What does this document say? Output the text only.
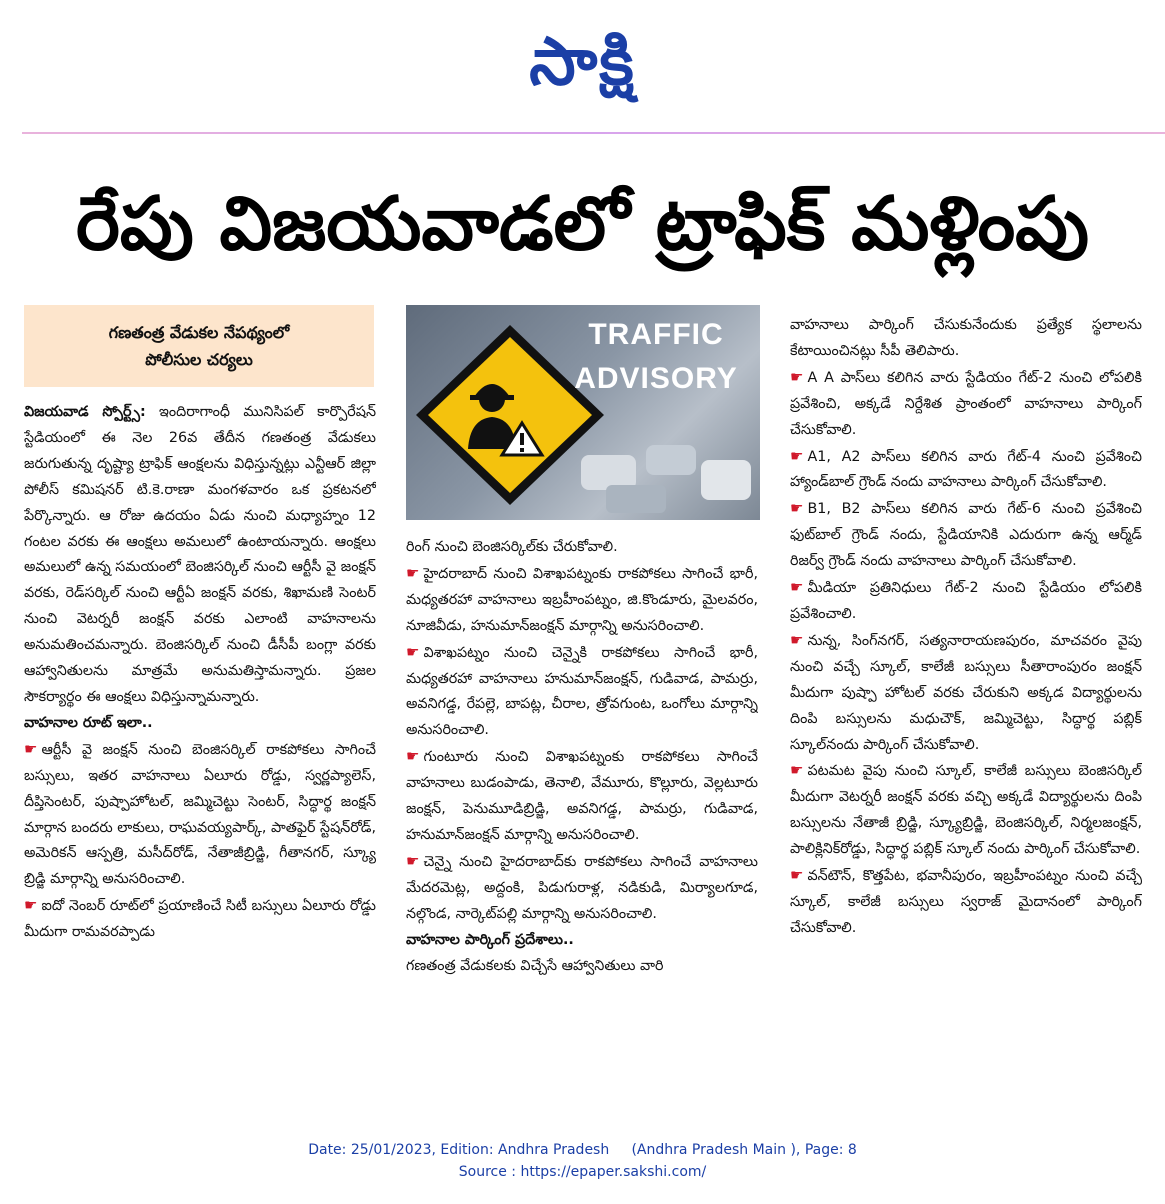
సాక్షి
రేపు విజయవాడలో ట్రాఫిక్‌ మళ్లింపు
గణతంత్ర వేడుకల నేపథ్యంలో
పోలీసుల చర్యలు
TRAFFIC
ADVISORY

విజయవాడ స్పోర్ట్స్‌: ఇందిరాగాంధీ మునిసిపల్‌ కార్పొరేషన్‌ స్టేడియంలో ఈ నెల 26వ తేదీన గణతంత్ర వేడుకలు జరుగుతున్న దృష్ట్యా ట్రాఫిక్‌ ఆంక్షలను విధిస్తున్నట్లు ఎన్టీఆర్‌ జిల్లా పోలీస్‌ కమిషనర్‌ టి.కె.రాణా మంగళవారం ఒక ప్రకటనలో పేర్కొన్నారు. ఆ రోజు ఉదయం ఏడు నుంచి మధ్యాహ్నం 12 గంటల వరకు ఈ ఆంక్షలు అమలులో ఉంటాయన్నారు. ఆంక్షలు అమలులో ఉన్న సమయంలో బెంజిసర్కిల్‌ నుంచి ఆర్టీసీ వై జంక్షన్‌ వరకు, రెడ్‌సర్కిల్‌ నుంచి ఆర్టీఏ జంక్షన్‌ వరకు, శిఖామణి సెంటర్‌ నుంచి వెటర్నరీ జంక్షన్‌ వరకు ఎలాంటి వాహనాలను అనుమతించమన్నారు. బెంజిసర్కిల్‌ నుంచి డీసీపీ బంగ్లా వరకు ఆహ్వానితులను మాత్రమే అనుమతిస్తామన్నారు. ప్రజల సౌకర్యార్థం ఈ ఆంక్షలు విధిస్తున్నామన్నారు.

వాహనాల రూట్‌ ఇలా..

☛ ఆర్టీసీ వై జంక్షన్‌ నుంచి బెంజిసర్కిల్‌ రాకపోకలు సాగించే బస్సులు, ఇతర వాహనాలు ఏలూరు రోడ్డు, స్వర్ణప్యాలెస్‌, దీప్తిసెంటర్‌, పుష్పాహోటల్‌, జమ్మిచెట్టు సెంటర్‌, సిద్ధార్థ జంక్షన్‌ మార్గాన బందరు లాకులు, రాఘవయ్యపార్క్‌, పాతఫైర్‌ స్టేషన్‌రోడ్‌, అమెరికన్‌ ఆస్పత్రి, మసీద్‌రోడ్‌, నేతాజీబ్రిడ్జి, గీతానగర్‌, స్క్యూ బ్రిడ్జి మార్గాన్ని అనుసరించాలి.

☛ ఐదో నెంబర్‌ రూట్‌లో ప్రయాణించే సిటీ బస్సులు ఏలూరు రోడ్డు మీదుగా రామవరప్పాడు

రింగ్‌ నుంచి బెంజిసర్కిల్‌కు చేరుకోవాలి.

☛ హైదరాబాద్‌ నుంచి విశాఖపట్నంకు రాకపోకలు సాగించే భారీ, మధ్యతరహా వాహనాలు ఇబ్రహీంపట్నం, జి.కొండూరు, మైలవరం, నూజివీడు, హనుమాన్‌జంక్షన్‌ మార్గాన్ని అనుసరించాలి.

☛ విశాఖపట్నం నుంచి చెన్నైకి రాకపోకలు సాగించే భారీ, మధ్యతరహా వాహనాలు హనుమాన్‌జంక్షన్‌, గుడివాడ, పామర్రు, అవనిగడ్డ, రేపల్లె, బాపట్ల, చీరాల, త్రోవగుంట, ఒంగోలు మార్గాన్ని అనుసరించాలి.

☛ గుంటూరు నుంచి విశాఖపట్నంకు రాకపోకలు సాగించే వాహనాలు బుడంపాడు, తెనాలి, వేమూరు, కొల్లూరు, వెల్లటూరు జంక్షన్‌, పెనుమూడిబ్రిడ్జి, అవనిగడ్డ, పామర్రు, గుడివాడ, హనుమాన్‌జంక్షన్‌ మార్గాన్ని అనుసరించాలి.

☛ చెన్నై నుంచి హైదరాబాద్‌కు రాకపోకలు సాగించే వాహనాలు మేదరమెట్ల, అద్దంకి, పిడుగురాళ్ల, నడికుడి, మిర్యాలగూడ, నల్గొండ, నార్కెట్‌పల్లి మార్గాన్ని అనుసరించాలి.

వాహనాల పార్కింగ్‌ ప్రదేశాలు..

గణతంత్ర వేడుకలకు విచ్చేసే ఆహ్వానితులు వారి

వాహనాలు పార్కింగ్‌ చేసుకునేందుకు ప్రత్యేక స్థలాలను కేటాయించినట్లు సీపీ తెలిపారు.

☛ A A పాస్‌లు కలిగిన వారు స్టేడియం గేట్‌-2 నుంచి లోపలికి ప్రవేశించి, అక్కడే నిర్దేశిత ప్రాంతంలో వాహనాలు పార్కింగ్‌ చేసుకోవాలి.

☛ A1, A2 పాస్‌లు కలిగిన వారు గేట్‌-4 నుంచి ప్రవేశించి హ్యాండ్‌బాల్‌ గ్రౌండ్‌ నందు వాహనాలు పార్కింగ్‌ చేసుకోవాలి.

☛ B1, B2 పాస్‌లు కలిగిన వారు గేట్‌-6 నుంచి ప్రవేశించి ఫుట్‌బాల్‌ గ్రౌండ్‌ నందు, స్టేడియానికి ఎదురుగా ఉన్న ఆర్మ్‌డ్‌ రిజర్వ్‌ గ్రౌండ్‌ నందు వాహనాలు పార్కింగ్‌ చేసుకోవాలి.

☛ మీడియా ప్రతినిధులు గేట్‌-2 నుంచి స్టేడియం లోపలికి ప్రవేశించాలి.

☛ నున్న, సింగ్‌నగర్‌, సత్యనారాయణపురం, మాచవరం వైపు నుంచి వచ్చే స్కూల్‌, కాలేజీ బస్సులు సీతారాంపురం జంక్షన్‌ మీదుగా పుష్పా హోటల్‌ వరకు చేరుకుని అక్కడ విద్యార్థులను దింపి బస్సులను మధుచౌక్‌, జమ్మిచెట్టు, సిద్ధార్థ పబ్లిక్‌ స్కూల్‌నందు పార్కింగ్‌ చేసుకోవాలి.

☛ పటమట వైపు నుంచి స్కూల్‌, కాలేజీ బస్సులు బెంజిసర్కిల్‌ మీదుగా వెటర్నరీ జంక్షన్‌ వరకు వచ్చి అక్కడే విద్యార్థులను దింపి బస్సులను నేతాజీ బ్రిడ్జి, స్క్యూబ్రిడ్జి, బెంజిసర్కిల్‌, నిర్మలజంక్షన్‌, పాలిక్లినిక్‌రోడ్డు, సిద్ధార్థ పబ్లిక్‌ స్కూల్‌ నందు పార్కింగ్‌ చేసుకోవాలి.

☛ వన్‌టౌన్‌, కొత్తపేట, భవానీపురం, ఇబ్రహీంపట్నం నుంచి వచ్చే స్కూల్‌, కాలేజీ బస్సులు స్వరాజ్‌ మైదానంలో పార్కింగ్‌ చేసుకోవాలి.

Date: 25/01/2023, Edition: Andhra Pradesh     (Andhra Pradesh Main ), Page: 8
Source : https://epaper.sakshi.com/
